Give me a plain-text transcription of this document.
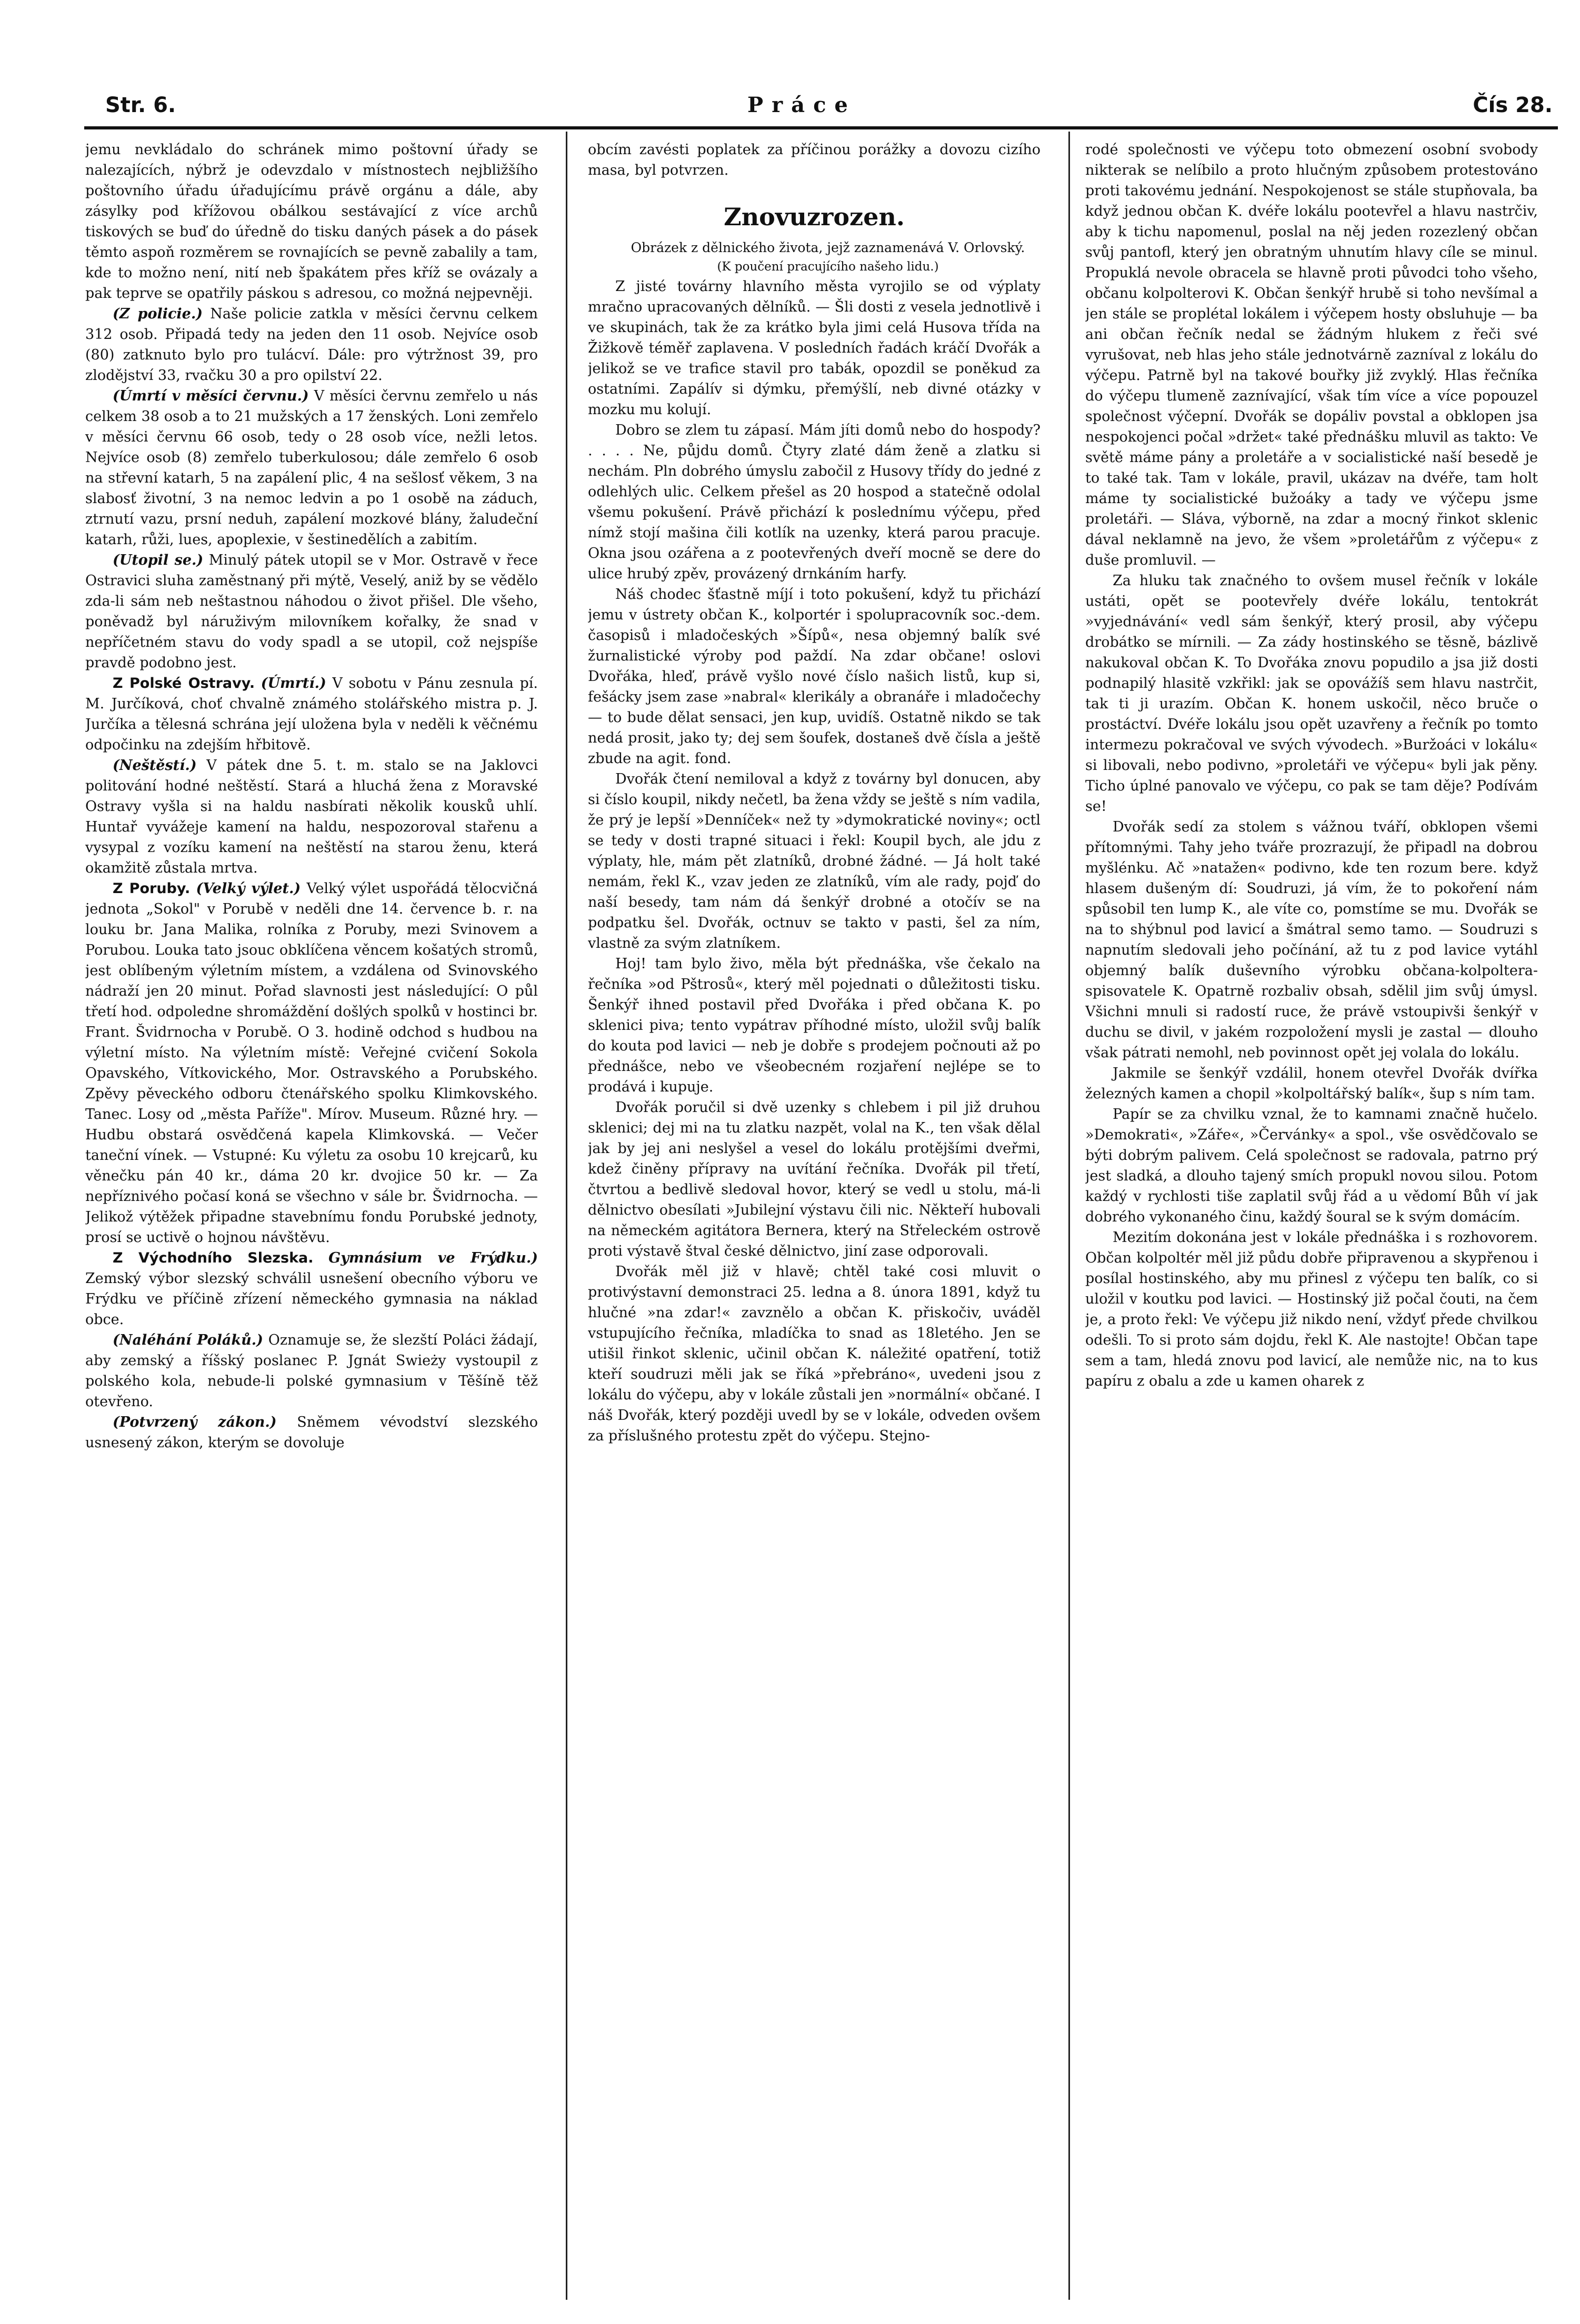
Str. 6.	Práce	Čís 28.

jemu nevkládalo do schránek mimo poštovní úřady se nalezajících, nýbrž je odevzdalo v místnostech nejbližšího poštovního úřadu úřadujícímu právě orgánu a dále, aby zásylky pod křížovou obálkou sestávající z více archů tiskových se buď do úředně do tisku daných pásek a do pásek těmto aspoň rozměrem se rovnajících se pevně zabalily a tam, kde to možno není, nití neb špakátem přes kříž se ovázaly a pak teprve se opatřily páskou s adresou, co možná nejpevněji.

(Z policie.) Naše policie zatkla v měsíci červnu celkem 312 osob. Připadá tedy na jeden den 11 osob. Nejvíce osob (80) zatknuto bylo pro tulácví. Dále: pro výtržnost 39, pro zlodějství 33, rvačku 30 a pro opilství 22.

(Úmrtí v měsíci červnu.) V měsíci červnu zemřelo u nás celkem 38 osob a to 21 mužských a 17 ženských. Loni zemřelo v měsíci červnu 66 osob, tedy o 28 osob více, nežli letos. Nejvíce osob (8) zemřelo tuberkulosou; dále zemřelo 6 osob na střevní katarh, 5 na zapálení plic, 4 na sešlosť věkem, 3 na slabosť životní, 3 na nemoc ledvin a po 1 osobě na záduch, ztrnutí vazu, prsní neduh, zapálení mozkové blány, žaludeční katarh, růži, lues, apoplexie, v šestinedělích a zabitím.

(Utopil se.) Minulý pátek utopil se v Mor. Ostravě v řece Ostravici sluha zaměstnaný při mýtě, Veselý, aniž by se vědělo zda-li sám neb neštastnou náhodou o život přišel. Dle všeho, poněvadž byl náruživým milovníkem kořalky, že snad v nepříčetném stavu do vody spadl a se utopil, což nejspíše pravdě podobno jest.

Z Polské Ostravy. (Úmrtí.) V sobotu v Pánu zesnula pí. M. Jurčíková, choť chvalně známého stolářského mistra p. J. Jurčíka a tělesná schrána její uložena byla v neděli k věčnému odpočinku na zdejším hřbitově.

(Neštěstí.) V pátek dne 5. t. m. stalo se na Jaklovci politování hodné neštěstí. Stará a hluchá žena z Moravské Ostravy vyšla si na haldu nasbírati několik kousků uhlí. Huntař vyvážeje kamení na haldu, nespozoroval stařenu a vysypal z vozíku kamení na neštěstí na starou ženu, která okamžitě zůstala mrtva.

Z Poruby. (Velký výlet.) Velký výlet uspořádá tělocvičná jednota „Sokol" v Porubě v neděli dne 14. července b. r. na louku br. Jana Malika, rolníka z Poruby, mezi Svinovem a Porubou. Louka tato jsouc obklíčena věncem košatých stromů, jest oblíbeným výletním místem, a vzdálena od Svinovského nádraží jen 20 minut. Pořad slavnosti jest následující: O půl třetí hod. odpoledne shromáždění došlých spolků v hostinci br. Frant. Švidrnocha v Porubě. O 3. hodině odchod s hudbou na výletní místo. Na výletním místě: Veřejné cvičení Sokola Opavského, Vítkovického, Mor. Ostravského a Porubského. Zpěvy pěveckého odboru čtenářského spolku Klimkovského. Tanec. Losy od „města Paříže". Mírov. Museum. Různé hry. — Hudbu obstará osvědčená kapela Klimkovská. — Večer taneční vínek. — Vstupné: Ku výletu za osobu 10 krejcarů, ku věnečku pán 40 kr., dáma 20 kr. dvojice 50 kr. — Za nepříznivého počasí koná se všechno v sále br. Švidrnocha. — Jelikož výtěžek připadne stavebnímu fondu Porubské jednoty, prosí se uctivě o hojnou návštěvu.

Z Východního Slezska. Gymnásium ve Frýdku.) Zemský výbor slezský schválil usnešení obecního výboru ve Frýdku ve příčině zřízení německého gymnasia na náklad obce.

(Naléhání Poláků.) Oznamuje se, že slezští Poláci žádají, aby zemský a říšský poslanec P. Jgnát Swieży vystoupil z polského kola, nebude-li polské gymnasium v Těšíně těž otevřeno.

(Potvrzený zákon.) Sněmem vévodství slezského usnesený zákon, kterým se dovoluje

obcím zavésti poplatek za příčinou porážky a dovozu cizího masa, byl potvrzen.

Znovuzrozen.

Obrázek z dělnického života, jejž zaznamenává V. Orlovský.

(K poučení pracujícího našeho lidu.)

Z jisté továrny hlavního města vyrojilo se od výplaty mračno upracovaných dělníků. — Šli dosti z vesela jednotlivě i ve skupinách, tak že za krátko byla jimi celá Husova třída na Žižkově téměř zaplavena. V posledních řadách kráčí Dvořák a jelikož se ve trafice stavil pro tabák, opozdil se poněkud za ostatními. Zapálív si dýmku, přemýšlí, neb divné otázky v mozku mu kolují.

Dobro se zlem tu zápasí. Mám jíti domů nebo do hospody? . . . . Ne, půjdu domů. Čtyry zlaté dám ženě a zlatku si nechám. Pln dobrého úmyslu zabočil z Husovy třídy do jedné z odlehlých ulic. Celkem přešel as 20 hospod a statečně odolal všemu pokušení. Právě přichází k poslednímu výčepu, před nímž stojí mašina čili kotlík na uzenky, která parou pracuje. Okna jsou ozářena a z pootevřených dveří mocně se dere do ulice hrubý zpěv, provázený drnkáním harfy.

Náš chodec šťastně míjí i toto pokušení, když tu přichází jemu v ústrety občan K., kolportér i spolupracovník soc.-dem. časopisů i mladočeských »Šípů«, nesa objemný balík své žurnalistické výroby pod paždí. Na zdar občane! oslovi Dvořáka, hleď, právě vyšlo nové číslo našich listů, kup si, fešácky jsem zase »nabral« klerikály a obranáře i mladočechy — to bude dělat sensaci, jen kup, uvidíš. Ostatně nikdo se tak nedá prosit, jako ty; dej sem šoufek, dostaneš dvě čísla a ještě zbude na agit. fond.

Dvořák čtení nemiloval a když z továrny byl donucen, aby si číslo koupil, nikdy nečetl, ba žena vždy se ještě s ním vadila, že prý je lepší »Denníček« než ty »dymokratické noviny«; octl se tedy v dosti trapné situaci i řekl: Koupil bych, ale jdu z výplaty, hle, mám pět zlatníků, drobné žádné. — Já holt také nemám, řekl K., vzav jeden ze zlatníků, vím ale rady, pojď do naší besedy, tam nám dá šenkýř drobné a otočív se na podpatku šel. Dvořák, octnuv se takto v pasti, šel za ním, vlastně za svým zlatníkem.

Hoj! tam bylo živo, měla být přednáška, vše čekalo na řečníka »od Pštrosů«, který měl pojednati o důležitosti tisku. Šenkýř ihned postavil před Dvořáka i před občana K. po sklenici piva; tento vypátrav příhodné místo, uložil svůj balík do kouta pod lavici — neb je dobře s prodejem počnouti až po přednášce, nebo ve všeobecném rozjaření nejlépe se to prodává i kupuje.

Dvořák poručil si dvě uzenky s chlebem i pil již druhou sklenici; dej mi na tu zlatku nazpět, volal na K., ten však dělal jak by jej ani neslyšel a vesel do lokálu protějšími dveřmi, kdež činěny přípravy na uvítání řečníka. Dvořák pil třetí, čtvrtou a bedlivě sledoval hovor, který se vedl u stolu, má-li dělnictvo obesílati »Jubilejní výstavu čili nic. Někteří hubovali na německém agitátora Bernera, který na Střeleckém ostrově proti výstavě štval české dělnictvo, jiní zase odporovali.

Dvořák měl již v hlavě; chtěl také cosi mluvit o protivýstavní demonstraci 25. ledna a 8. února 1891, když tu hlučné »na zdar!« zavznělo a občan K. přiskočiv, uváděl vstupujícího řečníka, mladíčka to snad as 18letého. Jen se utišil řinkot sklenic, učinil občan K. náležité opatření, totiž kteří soudruzi měli jak se říká »přebráno«, uvedeni jsou z lokálu do výčepu, aby v lokále zůstali jen »normální« občané. I náš Dvořák, který později uvedl by se v lokále, odveden ovšem za příslušného protestu zpět do výčepu. Stejno-

rodé společnosti ve výčepu toto obmezení osobní svobody nikterak se nelíbilo a proto hlučným způsobem protestováno proti takovému jednání. Nespokojenost se stále stupňovala, ba když jednou občan K. dvéře lokálu pootevřel a hlavu nastrčiv, aby k tichu napomenul, poslal na něj jeden rozezlený občan svůj pantofl, který jen obratným uhnutím hlavy cíle se minul. Propuklá nevole obracela se hlavně proti původci toho všeho, občanu kolpolterovi K. Občan šenkýř hrubě si toho nevšímal a jen stále se proplétal lokálem i výčepem hosty obsluhuje — ba ani občan řečník nedal se žádným hlukem z řeči své vyrušovat, neb hlas jeho stále jednotvárně zazníval z lokálu do výčepu. Patrně byl na takové bouřky již zvyklý. Hlas řečníka do výčepu tlumeně zaznívající, však tím více a více popouzel společnost výčepní. Dvořák se dopáliv povstal a obklopen jsa nespokojenci počal »držet« také přednášku mluvil as takto: Ve světě máme pány a proletáře a v socialistické naší besedě je to také tak. Tam v lokále, pravil, ukázav na dvéře, tam holt máme ty socialistické bužoáky a tady ve výčepu jsme proletáři. — Sláva, výborně, na zdar a mocný řinkot sklenic dával neklamně na jevo, že všem »proletářům z výčepu« z duše promluvil. —

Za hluku tak značného to ovšem musel řečník v lokále ustáti, opět se pootevřely dvéře lokálu, tentokrát »vyjednávání« vedl sám šenkýř, který prosil, aby výčepu drobátko se mírnili. — Za zády hostinského se těsně, bázlivě nakukoval občan K. To Dvořáka znovu popudilo a jsa již dosti podnapilý hlasitě vzkřikl: jak se opovážíš sem hlavu nastrčit, tak ti ji urazím. Občan K. honem uskočil, něco bruče o prostáctví. Dvéře lokálu jsou opět uzavřeny a řečník po tomto intermezu pokračoval ve svých vývodech. »Buržoáci v lokálu« si libovali, nebo podivno, »proletáři ve výčepu« byli jak pěny. Ticho úplné panovalo ve výčepu, co pak se tam děje? Podívám se!

Dvořák sedí za stolem s vážnou tváří, obklopen všemi přítomnými. Tahy jeho tváře prozrazují, že připadl na dobrou myšlénku. Ač »natažen« podivno, kde ten rozum bere. když hlasem dušeným dí: Soudruzi, já vím, že to pokoření nám spůsobil ten lump K., ale víte co, pomstíme se mu. Dvořák se na to shýbnul pod lavicí a šmátral semo tamo. — Soudruzi s napnutím sledovali jeho počínání, až tu z pod lavice vytáhl objemný balík duševního výrobku občana-kolpoltera-spisovatele K. Opatrně rozbaliv obsah, sdělil jim svůj úmysl. Všichni mnuli si radostí ruce, že právě vstoupivši šenkýř v duchu se divil, v jakém rozpoložení mysli je zastal — dlouho však pátrati nemohl, neb povinnost opět jej volala do lokálu.

Jakmile se šenkýř vzdálil, honem otevřel Dvořák dvířka železných kamen a chopil »kolpoltářský balík«, šup s ním tam.

Papír se za chvilku vznal, že to kamnami značně hučelo. »Demokrati«, »Záře«, »Červánky« a spol., vše osvědčovalo se býti dobrým palivem. Celá společnost se radovala, patrno prý jest sladká, a dlouho tajený smích propukl novou silou. Potom každý v rychlosti tiše zaplatil svůj řád a u vědomí Bůh ví jak dobrého vykonaného činu, každý šoural se k svým domácím.

Mezitím dokonána jest v lokále přednáška i s rozhovorem. Občan kolpoltér měl již půdu dobře připravenou a skypřenou i posílal hostinského, aby mu přinesl z výčepu ten balík, co si uložil v koutku pod lavici. — Hostinský již počal čouti, na čem je, a proto řekl: Ve výčepu již nikdo není, vždyť přede chvilkou odešli. To si proto sám dojdu, řekl K. Ale nastojte! Občan tape sem a tam, hledá znovu pod lavicí, ale nemůže nic, na to kus papíru z obalu a zde u kamen oharek z
